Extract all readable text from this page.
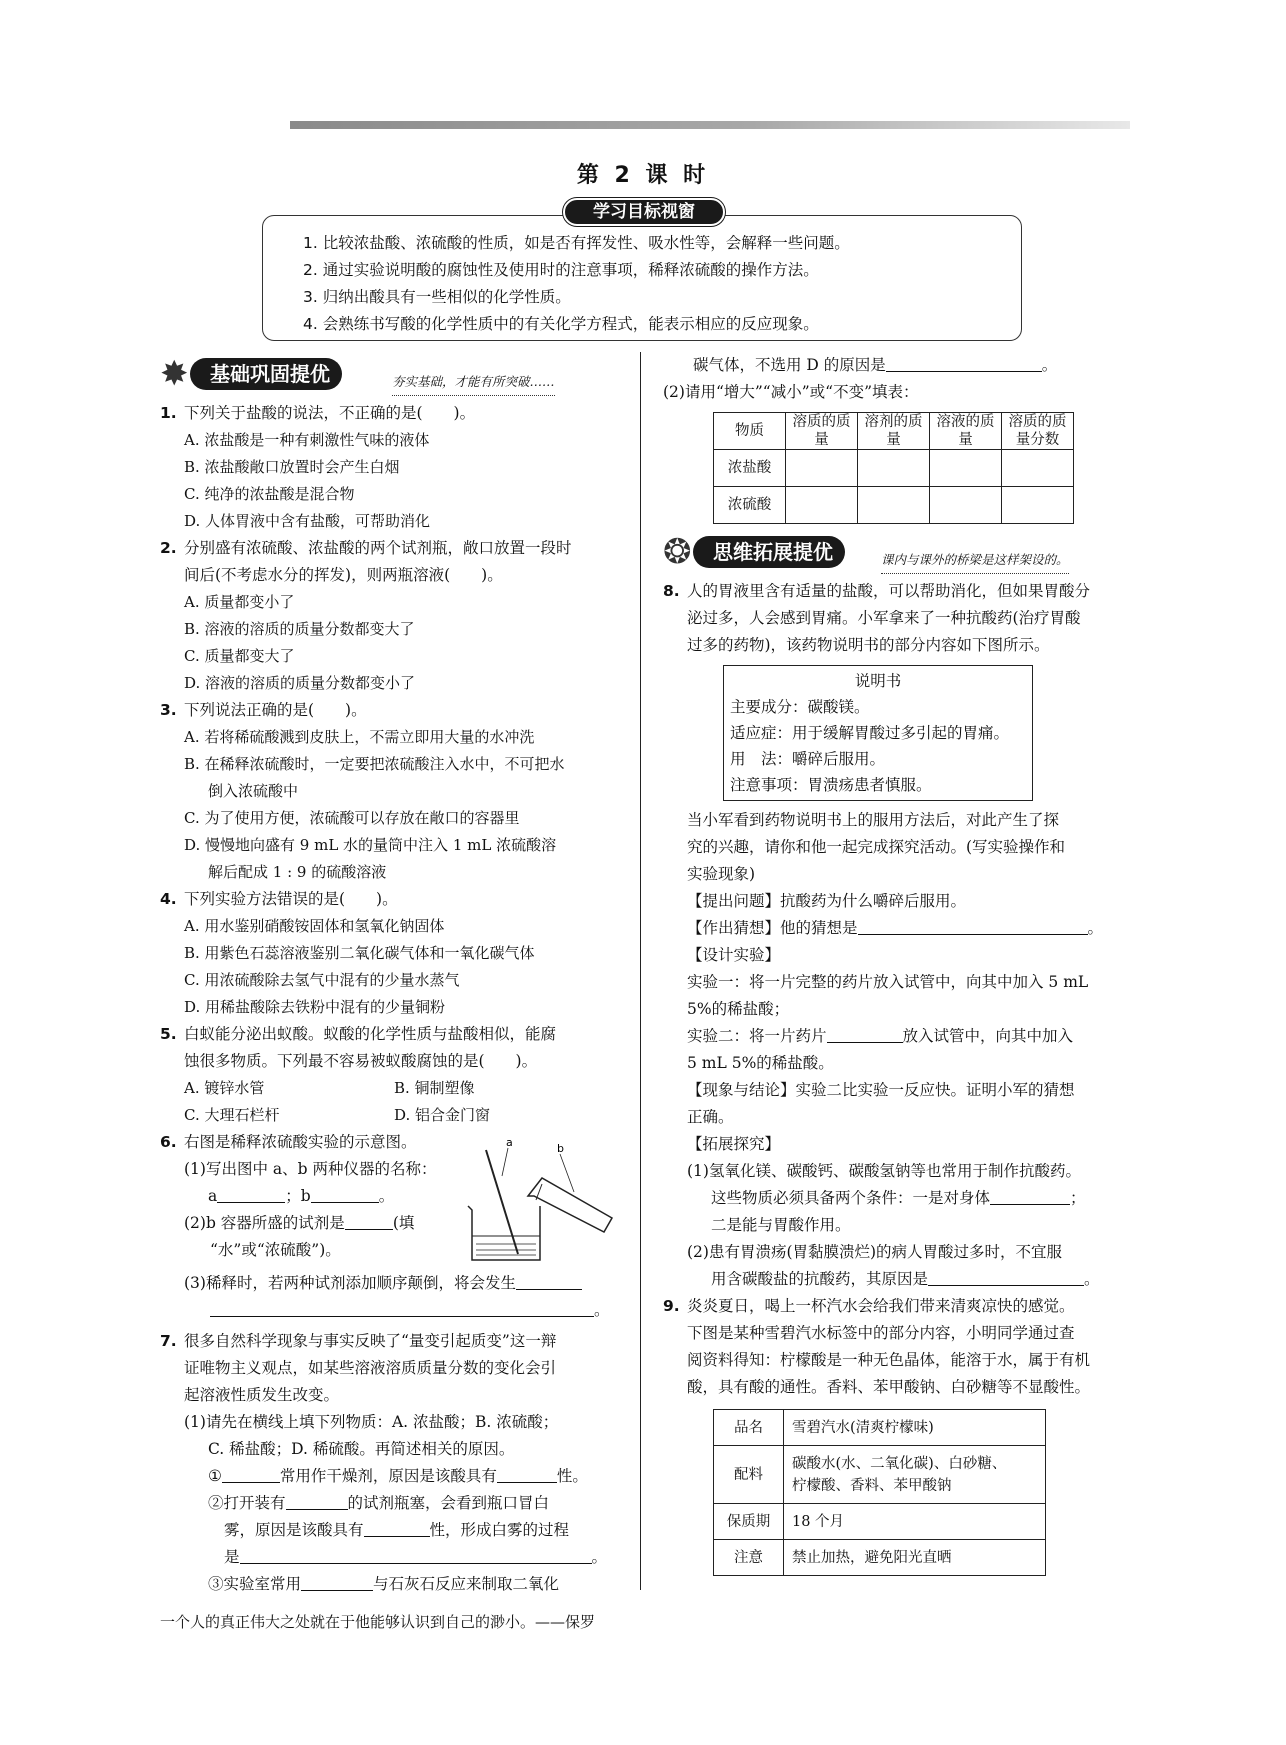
第 2 课 时
学习目标视窗
1. 比较浓盐酸、浓硫酸的性质，如是否有挥发性、吸水性等，会解释一些问题。
2. 通过实验说明酸的腐蚀性及使用时的注意事项，稀释浓硫酸的操作方法。
3. 归纳出酸具有一些相似的化学性质。
4. 会熟练书写酸的化学性质中的有关化学方程式，能表示相应的反应现象。
✸	基础巩固提优	夯实基础，才能有所突破……
1. 下列关于盐酸的说法，不正确的是(　　)。
A. 浓盐酸是一种有刺激性气味的液体
B. 浓盐酸敞口放置时会产生白烟
C. 纯净的浓盐酸是混合物
D. 人体胃液中含有盐酸，可帮助消化
2. 分别盛有浓硫酸、浓盐酸的两个试剂瓶，敞口放置一段时
间后(不考虑水分的挥发)，则两瓶溶液(　　)。
A. 质量都变小了
B. 溶液的溶质的质量分数都变大了
C. 质量都变大了
D. 溶液的溶质的质量分数都变小了
3. 下列说法正确的是(　　)。
A. 若将稀硫酸溅到皮肤上，不需立即用大量的水冲洗
B. 在稀释浓硫酸时，一定要把浓硫酸注入水中，不可把水
倒入浓硫酸中
C. 为了使用方便，浓硫酸可以存放在敞口的容器里
D. 慢慢地向盛有 9 mL 水的量筒中注入 1 mL 浓硫酸溶
解后配成 1 : 9 的硫酸溶液
4. 下列实验方法错误的是(　　)。
A. 用水鉴别硝酸铵固体和氢氧化钠固体
B. 用紫色石蕊溶液鉴别二氧化碳气体和一氧化碳气体
C. 用浓硫酸除去氢气中混有的少量水蒸气
D. 用稀盐酸除去铁粉中混有的少量铜粉
5. 白蚁能分泌出蚁酸。蚁酸的化学性质与盐酸相似，能腐
蚀很多物质。下列最不容易被蚁酸腐蚀的是(　　)。
A. 镀锌水管	B. 铜制塑像
C. 大理石栏杆	D. 铝合金门窗
6. 右图是稀释浓硫酸实验的示意图。
(1)写出图中 a、b 两种仪器的名称：
a	；b	。
(2)b 容器所盛的试剂是	(填
“水”或“浓硫酸”)。
(3)稀释时，若两种试剂添加顺序颠倒，将会发生
。
7. 很多自然科学现象与事实反映了“量变引起质变”这一辩
证唯物主义观点，如某些溶液溶质质量分数的变化会引
起溶液性质发生改变。
(1)请先在横线上填下列物质：A. 浓盐酸；B. 浓硫酸；
C. 稀盐酸；D. 稀硫酸。再简述相关的原因。
①	常用作干燥剂，原因是该酸具有	性。
②打开装有	的试剂瓶塞，会看到瓶口冒白
雾，原因是该酸具有	性，形成白雾的过程
是	。
③实验室常用	与石灰石反应来制取二氧化
a	b
碳气体，不选用 D 的原因是	。
(2)请用“增大”“减小”或“不变”填表：
物质	溶质的质量	溶剂的质量	溶液的质量	溶质的质量分数
浓盐酸				
浓硫酸				
❂	思维拓展提优	课内与课外的桥梁是这样架设的。
8. 人的胃液里含有适量的盐酸，可以帮助消化，但如果胃酸分
泌过多，人会感到胃痛。小军拿来了一种抗酸药(治疗胃酸
过多的药物)，该药物说明书的部分内容如下图所示。
说明书
主要成分：碳酸镁。
适应症：用于缓解胃酸过多引起的胃痛。
用　法：嚼碎后服用。
注意事项：胃溃疡患者慎服。
当小军看到药物说明书上的服用方法后，对此产生了探
究的兴趣，请你和他一起完成探究活动。(写实验操作和
实验现象)
【提出问题】抗酸药为什么嚼碎后服用。
【作出猜想】他的猜想是	。
【设计实验】
实验一：将一片完整的药片放入试管中，向其中加入 5 mL
5%的稀盐酸；
实验二：将一片药片	放入试管中，向其中加入
5 mL 5%的稀盐酸。
【现象与结论】实验二比实验一反应快。证明小军的猜想
正确。
【拓展探究】
(1)氢氧化镁、碳酸钙、碳酸氢钠等也常用于制作抗酸药。
这些物质必须具备两个条件：一是对身体	；
二是能与胃酸作用。
(2)患有胃溃疡(胃黏膜溃烂)的病人胃酸过多时，不宜服
用含碳酸盐的抗酸药，其原因是	。
9. 炎炎夏日，喝上一杯汽水会给我们带来清爽凉快的感觉。
下图是某种雪碧汽水标签中的部分内容，小明同学通过查
阅资料得知：柠檬酸是一种无色晶体，能溶于水，属于有机
酸，具有酸的通性。香料、苯甲酸钠、白砂糖等不显酸性。
品名	雪碧汽水(清爽柠檬味)
配料	碳酸水(水、二氧化碳)、白砂糖、
柠檬酸、香料、苯甲酸钠

保质期	18 个月
注意	禁止加热，避免阳光直晒
一个人的真正伟大之处就在于他能够认识到自己的渺小。——保罗
